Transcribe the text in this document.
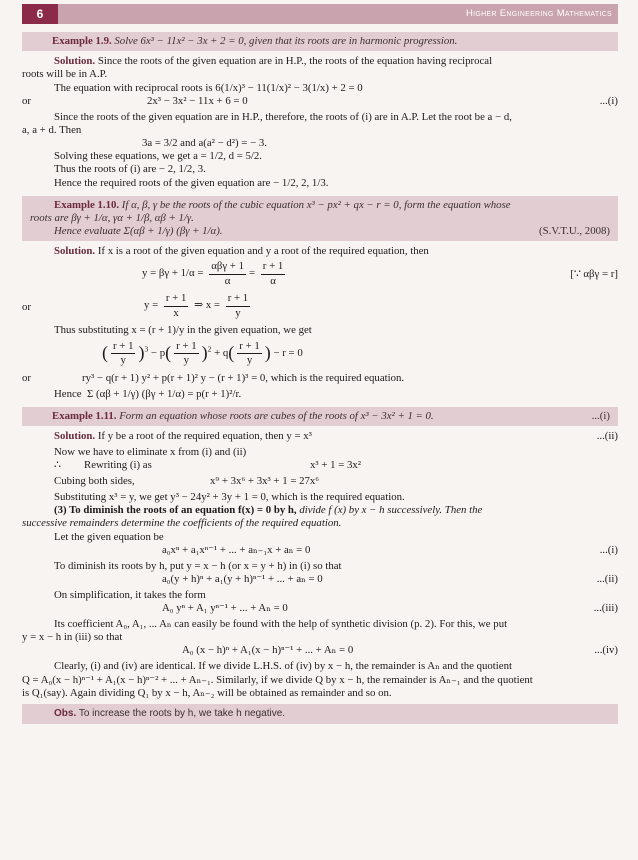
6	Higher Engineering Mathematics
Example 1.9. Solve 6x³ − 11x² − 3x + 2 = 0, given that its roots are in harmonic progression.

Solution. Since the roots of the given equation are in H.P., the roots of the equation having reciprocal

roots will be in A.P.

The equation with reciprocal roots is 6(1/x)³ − 11(1/x)² − 3(1/x) + 2 = 0

or	2x³ − 3x² − 11x + 6 = 0	...(i)

Since the roots of the given equation are in H.P., therefore, the roots of (i) are in A.P. Let the root be a − d,

a, a + d. Then

3a = 3/2 and a(a² − d²) = − 3.

Solving these equations, we get a = 1/2, d = 5/2.

Thus the roots of (i) are − 2, 1/2, 3.

Hence the required roots of the given equation are − 1/2, 2, 1/3.

Example 1.10. If α, β, γ be the roots of the cubic equation x³ − px² + qx − r = 0, form the equation whose
roots are βγ + 1/α, γα + 1/β, αβ + 1/γ.
(S.V.T.U., 2008)
Hence evaluate Σ(αβ + 1/γ) (βγ + 1/α).

Solution. If x is a root of the given equation and y a root of the required equation, then

$y = \beta\gamma + 1/\alpha = \frac{\text{αβγ + 1}}{\alpha} = \frac{r + 1}{\alpha}$	[∵ αβγ = r]
or	$y = \frac{r + 1}{x}$ ⇒ $x = \frac{r + 1}{y}$

Thus substituting x = (r + 1)/y in the given equation, we get

( $\frac{r + 1}{y} )^3 - p( \frac{r + 1}{y} )^2 + q( \frac{r + 1}{y}$ ) − r = 0
or	ry³ − q(r + 1) y² + p(r + 1)² y − (r + 1)³ = 0, which is the required equation.

Hence Σ (αβ + 1/γ) (βγ + 1/α) = p(r + 1)²/r.

...(i)
Example 1.11. Form an equation whose roots are cubes of the roots of x³ − 3x² + 1 = 0.
Solution. If y be a root of the required equation, then y = x³	...(ii)

Now we have to eliminate x from (i) and (ii)

∴ Rewriting (i) as	x³ + 1 = 3x²
Cubing both sides,	x⁹ + 3x⁶ + 3x³ + 1 = 27x⁶

Substituting x³ = y, we get y³ − 24y² + 3y + 1 = 0, which is the required equation.

(3) To diminish the roots of an equation f(x) = 0 by h, divide f (x) by x − h successively. Then the

successive remainders determine the coefficients of the required equation.

Let the given equation be

a₀xⁿ + a₁xⁿ⁻¹ + ... + aₙ₋₁x + aₙ = 0	...(i)

To diminish its roots by h, put y = x − h (or x = y + h) in (i) so that

a₀(y + h)ⁿ + a₁(y + h)ⁿ⁻¹ + ... + aₙ = 0	...(ii)

On simplification, it takes the form

A₀ yⁿ + A₁ yⁿ⁻¹ + ... + Aₙ = 0	...(iii)

Its coefficient A₀, A₁, ... Aₙ can easily be found with the help of synthetic division (p. 2). For this, we put

y = x − h in (iii) so that

A₀ (x − h)ⁿ + A₁(x − h)ⁿ⁻¹ + ... + Aₙ = 0	...(iv)

Clearly, (i) and (iv) are identical. If we divide L.H.S. of (iv) by x − h, the remainder is Aₙ and the quotient

Q = A₀(x − h)ⁿ⁻¹ + A₁(x − h)ⁿ⁻² + ... + Aₙ₋₁. Similarly, if we divide Q by x − h, the remainder is Aₙ₋₁ and the quotient

is Q₁(say). Again dividing Q₁ by x − h, Aₙ₋₂ will be obtained as remainder and so on.

Obs. To increase the roots by h, we take h negative.
